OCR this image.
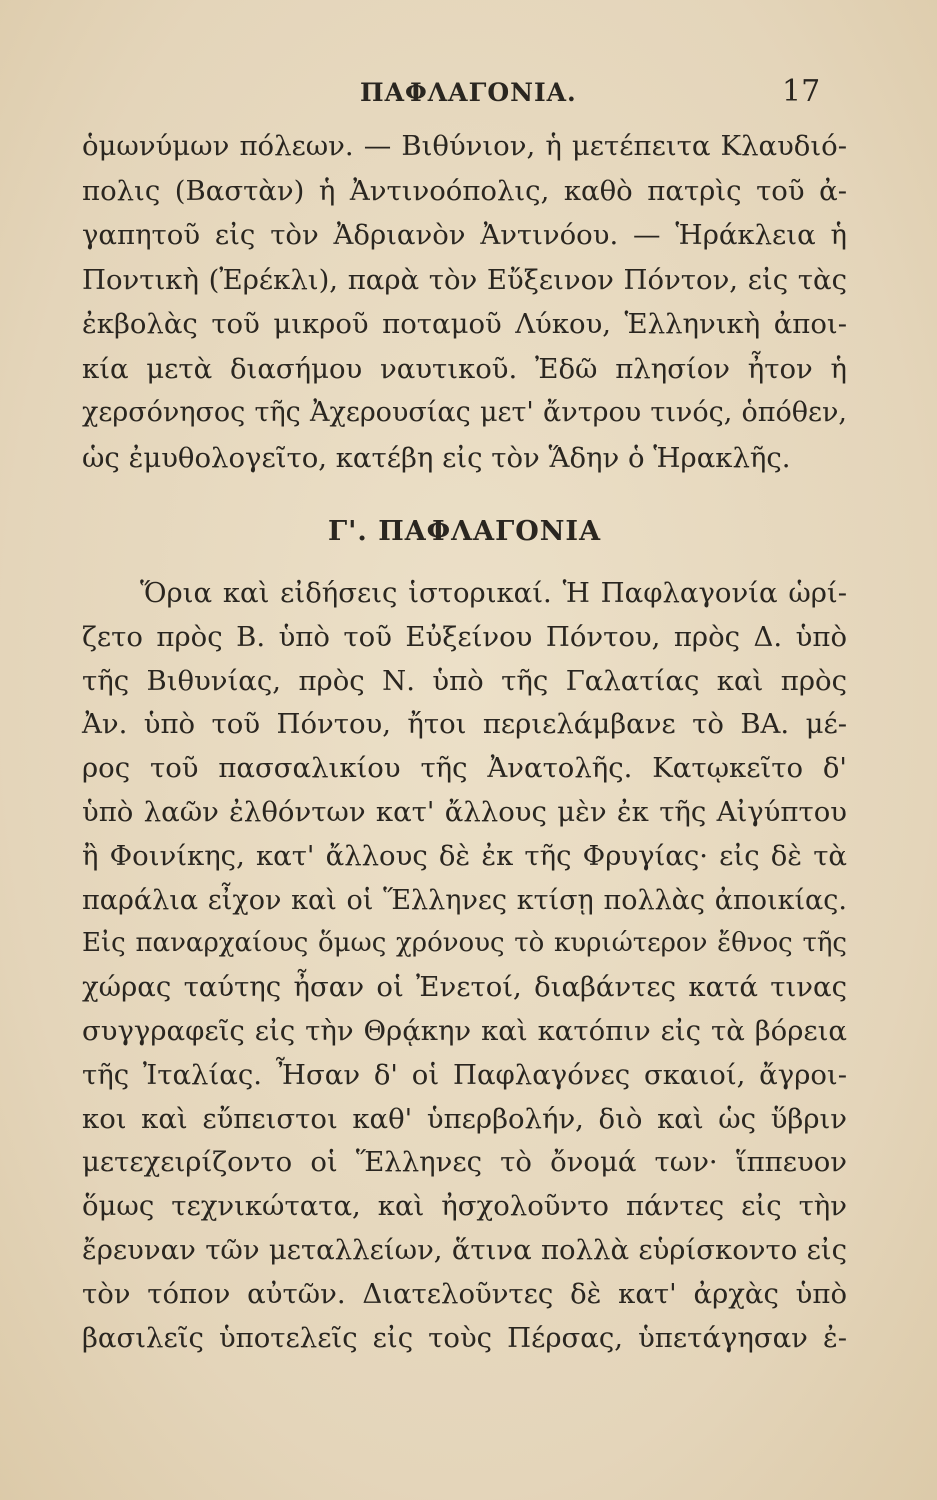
ΠΑΦΛΑΓΟΝΙΑ.	17
ὁμωνύμων πόλεων. — Βιθύνιον, ἡ μετέπειτα Κλαυδιό-
πολις (Βαστὰν) ἡ Ἀντινοόπολις, καθὸ πατρὶς τοῦ ἀ-
γαπητοῦ εἰς τὸν Ἀδριανὸν Ἀντινόου. — Ἡράκλεια ἡ
Ποντικὴ (Ἐρέκλι), παρὰ τὸν Εὔξεινον Πόντον, εἰς τὰς
ἐκβολὰς τοῦ μικροῦ ποταμοῦ Λύκου, Ἑλληνικὴ ἀποι-
κία μετὰ διασήμου ναυτικοῦ. Ἐδῶ πλησίον ἦτον ἡ
χερσόνησος τῆς Ἀχερουσίας μετ' ἄντρου τινός, ὁπόθεν,
ὡς ἐμυθολογεῖτο, κατέβη εἰς τὸν Ἅδην ὁ Ἡρακλῆς.
Γ'. ΠΑΦΛΑΓΟΝΙΑ
Ὅρια καὶ εἰδήσεις ἱστορικαί. Ἡ Παφλαγονία ὡρί-
ζετο πρὸς Β. ὑπὸ τοῦ Εὐξείνου Πόντου, πρὸς Δ. ὑπὸ
τῆς Βιθυνίας, πρὸς Ν. ὑπὸ τῆς Γαλατίας καὶ πρὸς
Ἀν. ὑπὸ τοῦ Πόντου, ἤτοι περιελάμβανε τὸ ΒΑ. μέ-
ρος τοῦ πασσαλικίου τῆς Ἀνατολῆς. Κατῳκεῖτο δ'
ὑπὸ λαῶν ἐλθόντων κατ' ἄλλους μὲν ἐκ τῆς Αἰγύπτου
ἢ Φοινίκης, κατ' ἄλλους δὲ ἐκ τῆς Φρυγίας· εἰς δὲ τὰ
παράλια εἶχον καὶ οἱ Ἕλληνες κτίσῃ πολλὰς ἀποικίας.
Εἰς παναρχαίους ὅμως χρόνους τὸ κυριώτερον ἔθνος τῆς
χώρας ταύτης ἦσαν οἱ Ἐνετοί, διαβάντες κατά τινας
συγγραφεῖς εἰς τὴν Θρᾴκην καὶ κατόπιν εἰς τὰ βόρεια
τῆς Ἰταλίας. Ἦσαν δ' οἱ Παφλαγόνες σκαιοί, ἄγροι-
κοι καὶ εὔπειστοι καθ' ὑπερβολήν, διὸ καὶ ὡς ὕβριν
μετεχειρίζοντο οἱ Ἕλληνες τὸ ὄνομά των· ἵππευον
ὅμως τεχνικώτατα, καὶ ἠσχολοῦντο πάντες εἰς τὴν
ἔρευναν τῶν μεταλλείων, ἅτινα πολλὰ εὑρίσκοντο εἰς
τὸν τόπον αὐτῶν. Διατελοῦντες δὲ κατ' ἀρχὰς ὑπὸ
βασιλεῖς ὑποτελεῖς εἰς τοὺς Πέρσας, ὑπετάγησαν ἐ-
